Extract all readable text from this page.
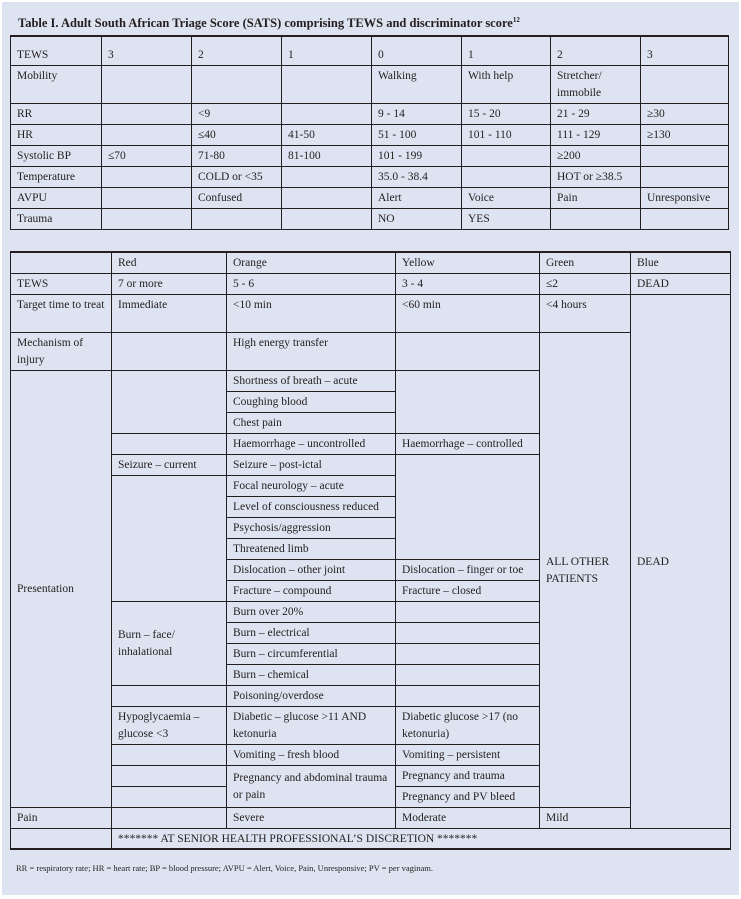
Table I. Adult South African Triage Score (SATS) comprising TEWS and discriminator score$^{12}$
TEWS	3	2	1	0	1	2	3
Mobility				Walking	With help	Stretcher/ immobile	
RR		<9		9 - 14	15 - 20	21 - 29	≥30
HR		≤40	41-50	51 - 100	101 - 110	111 - 129	≥130
Systolic BP	≤70	71-80	81-100	101 - 199		≥200	
Temperature		COLD or <35		35.0 - 38.4		HOT or ≥38.5	
AVPU		Confused		Alert	Voice	Pain	Unresponsive
Trauma				NO	YES		
	Red	Orange	Yellow	Green	Blue
TEWS	7 or more	5 - 6	3 - 4	≤2	DEAD
Target time to treat	Immediate	<10 min	<60 min	<4 hours	DEAD
Mechanism of injury		High energy transfer		ALL OTHER PATIENTS	
Presentation		Shortness of breath – acute			
		Coughing blood			
		Chest pain			
		Haemorrhage – uncontrolled	Haemorrhage – controlled		
	Seizure – current	Seizure – post-ictal			
		Focal neurology – acute			
		Level of consciousness reduced			
		Psychosis/aggression			
		Threatened limb			
		Dislocation – other joint	Dislocation – finger or toe		
		Fracture – compound	Fracture – closed		
	Burn – face/ inhalational	Burn over 20%			
		Burn – electrical			
		Burn – circumferential			
		Burn – chemical			
		Poisoning/overdose			
	Hypoglycaemia – glucose <3	Diabetic – glucose >11 AND ketonuria	Diabetic glucose >17 (no ketonuria)		
		Vomiting – fresh blood	Vomiting – persistent		
		Pregnancy and abdominal trauma or pain	Pregnancy and trauma		
			Pregnancy and PV bleed		
Pain		Severe	Moderate	Mild	
	******* AT SENIOR HEALTH PROFESSIONAL’S DISCRETION *******				
RR = respiratory rate; HR = heart rate; BP = blood pressure; AVPU = Alert, Voice, Pain, Unresponsive; PV = per vaginam.
